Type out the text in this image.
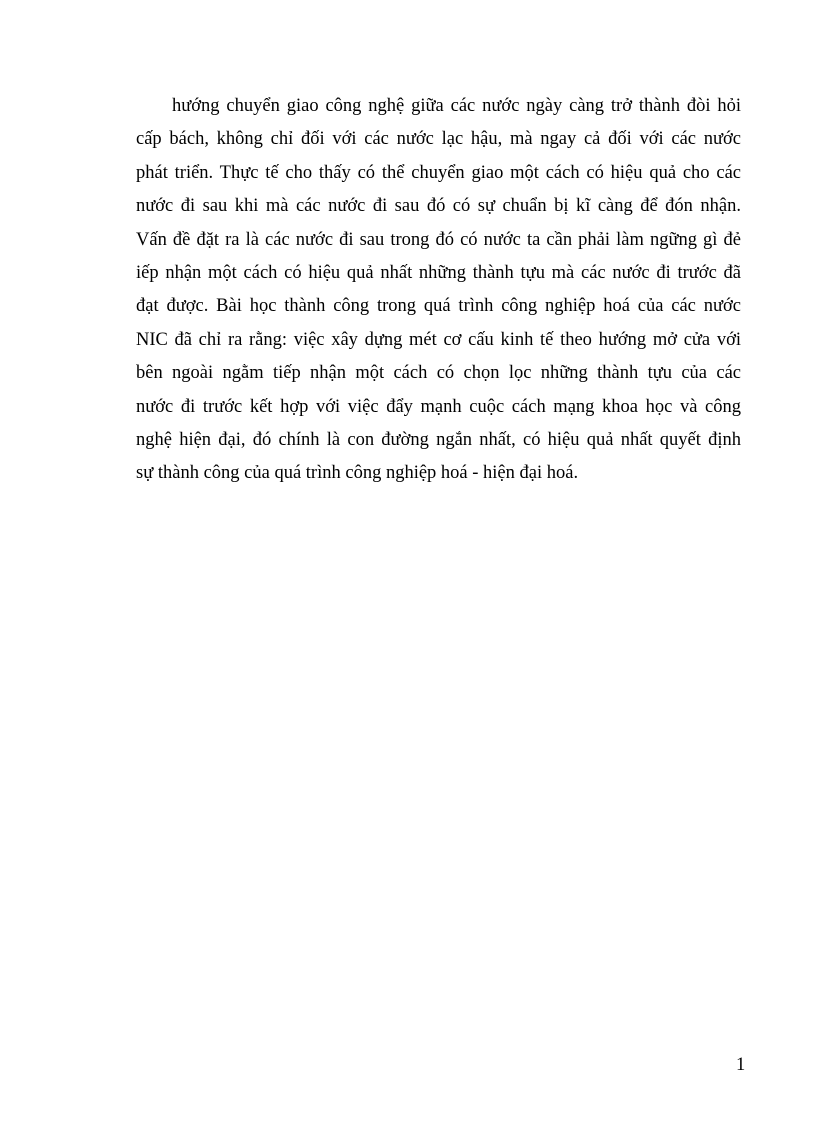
hướng chuyển giao công nghệ giữa các nước ngày càng trở thành đòi hỏi
cấp bách, không chỉ đối với các nước lạc hậu, mà ngay cả đối với các nước
phát triển. Thực tế cho thấy có thể chuyển giao một cách có hiệu quả cho các
nước đi sau khi mà các nước đi sau đó có sự chuẩn bị kĩ càng để đón nhận.
Vấn đề đặt ra là các nước đi sau trong đó có nước ta cần phải làm ngững gì đẻ
iếp nhận một cách có hiệu quả nhất những thành tựu mà các nước đi trước đã
đạt được. Bài học thành công trong quá trình công nghiệp hoá của các nước
NIC đã chỉ ra rằng: việc xây dựng mét cơ cấu kinh tế theo hướng mở cửa với
bên ngoài ngằm tiếp nhận một cách có chọn lọc những thành tựu của các
nước đi trước kết hợp với việc đẩy mạnh cuộc cách mạng khoa học và công
nghệ hiện đại, đó chính là con đường ngắn nhất, có hiệu quả nhất quyết định
sự thành công của quá trình công nghiệp hoá - hiện đại hoá.
1
